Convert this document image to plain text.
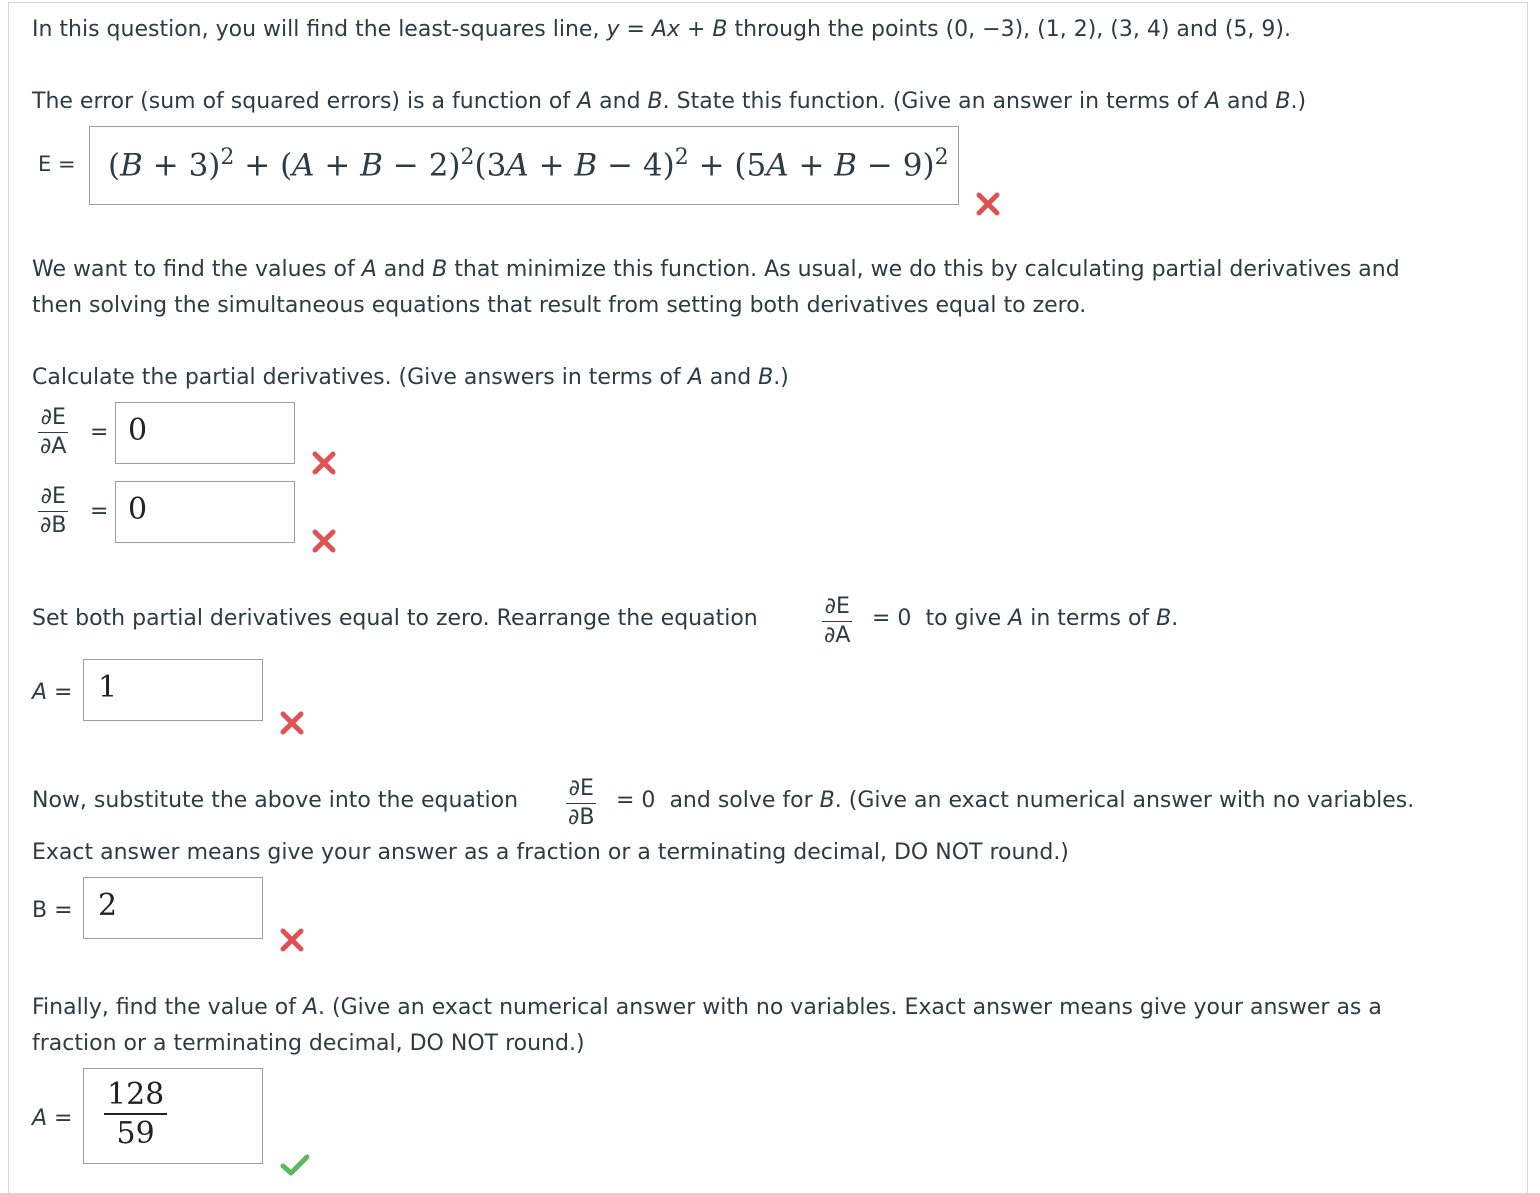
In this question, you will find the least-squares line, y = Ax + B through the points (0, −3), (1, 2), (3, 4) and (5, 9).
The error (sum of squared errors) is a function of A and B. State this function. (Give an answer in terms of A and B.)
$E = (B + 3)^2 + (A + B - 2)^2(3A + B - 4)^2 + (5A + B - 9)^2$
We want to find the values of A and B that minimize this function. As usual, we do this by calculating partial derivatives and
then solving the simultaneous equations that result from setting both derivatives equal to zero.
Calculate the partial derivatives. (Give answers in terms of A and B.)
$\frac{\partial E}{\partial A} = 0$
$\frac{\partial E}{\partial B} = 0$
Set both partial derivatives equal to zero. Rearrange the equation	$\frac{\partial E}{\partial A} = 0$ to give A in terms of B.
A = 1
Now, substitute the above into the equation $\frac{\partial E}{\partial B} = 0$ and solve for B. (Give an exact numerical answer with no variables.
Exact answer means give your answer as a fraction or a terminating decimal, DO NOT round.)
B = 2
Finally, find the value of A. (Give an exact numerical answer with no variables. Exact answer means give your answer as a
fraction or a terminating decimal, DO NOT round.)
$A = \frac{128}{59}$
